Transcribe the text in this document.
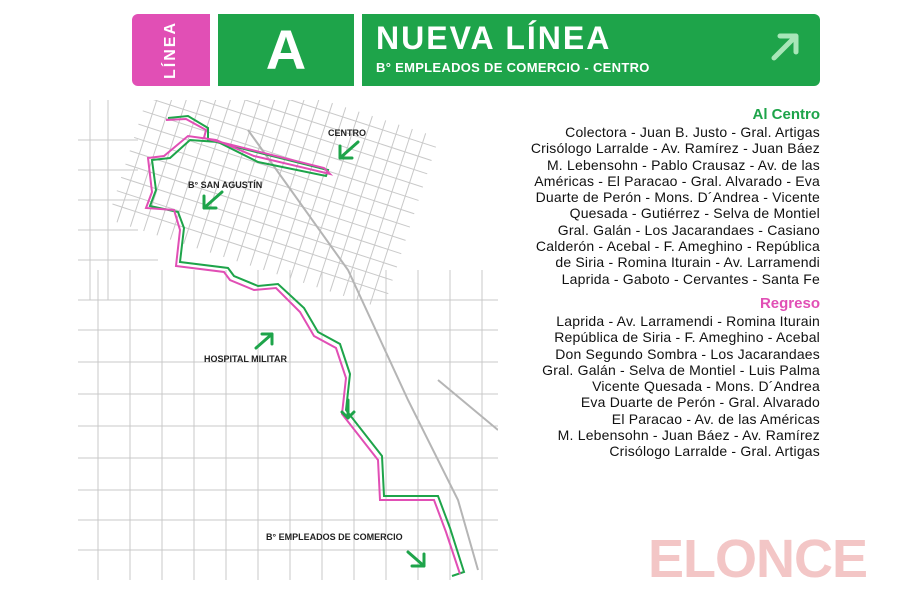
LÍNEA A NUEVA LÍNEA
B° EMPLEADOS DE COMERCIO - CENTRO
CENTRO
B° SAN AGUSTÍN
HOSPITAL MILITAR
B° EMPLEADOS DE COMERCIO
Al Centro
Colectora - Juan B. Justo - Gral. Artigas
Crisólogo Larralde - Av. Ramírez - Juan Báez
M. Lebensohn - Pablo Crausaz - Av. de las
Américas - El Paracao - Gral. Alvarado - Eva
Duarte de Perón - Mons. D´Andrea - Vicente
Quesada - Gutiérrez - Selva de Montiel
Gral. Galán - Los Jacarandaes - Casiano
Calderón - Acebal - F. Ameghino - República
de Siria - Romina Iturain - Av. Larramendi
Laprida - Gaboto - Cervantes - Santa Fe
Regreso
Laprida - Av. Larramendi - Romina Iturain
República de Siria - F. Ameghino - Acebal
Don Segundo Sombra - Los Jacarandaes
Gral. Galán - Selva de Montiel - Luis Palma
Vicente Quesada - Mons. D´Andrea
Eva Duarte de Perón - Gral. Alvarado
El Paracao - Av. de las Américas
M. Lebensohn - Juan Báez - Av. Ramírez
Crisólogo Larralde - Gral. Artigas
ELONCE
